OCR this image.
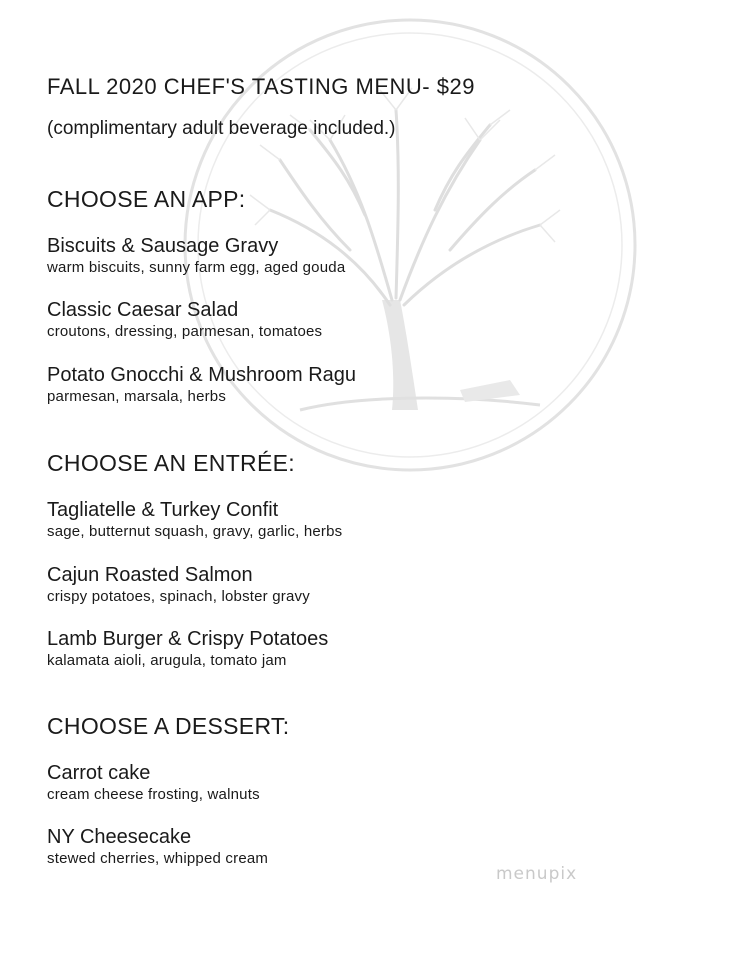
FALL 2020 CHEF'S TASTING MENU- $29
(complimentary adult beverage included.)
CHOOSE AN APP:
Biscuits & Sausage Gravy
warm biscuits, sunny farm egg, aged gouda
Classic Caesar Salad
croutons, dressing, parmesan, tomatoes
Potato Gnocchi & Mushroom Ragu
parmesan, marsala, herbs
CHOOSE AN ENTRÉE:
Tagliatelle & Turkey Confit
sage, butternut squash, gravy, garlic, herbs
Cajun Roasted Salmon
crispy potatoes, spinach, lobster gravy
Lamb Burger & Crispy Potatoes
kalamata aioli, arugula, tomato jam
CHOOSE A DESSERT:
Carrot cake
cream cheese frosting, walnuts
NY Cheesecake
stewed cherries, whipped cream
menupix
